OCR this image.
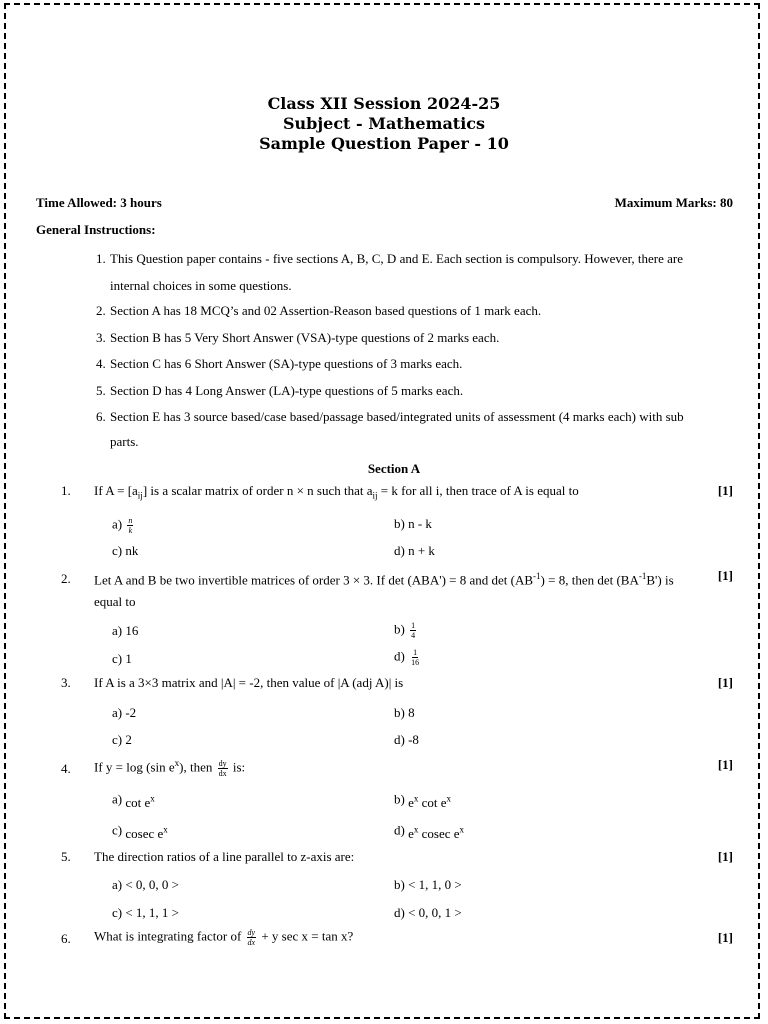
Class XII Session 2024-25
Subject - Mathematics
Sample Question Paper - 10
Time Allowed: 3 hours	Maximum Marks: 80
General Instructions:
1. This Question paper contains - five sections A, B, C, D and E. Each section is compulsory. However, there are
internal choices in some questions.
2. Section A has 18 MCQ’s and 02 Assertion-Reason based questions of 1 mark each.
3. Section B has 5 Very Short Answer (VSA)-type questions of 2 marks each.
4. Section C has 6 Short Answer (SA)-type questions of 3 marks each.
5. Section D has 4 Long Answer (LA)-type questions of 5 marks each.
6. Section E has 3 source based/case based/passage based/integrated units of assessment (4 marks each) with sub
parts.
Section A
1. If $A = [a_{ij}]$ is a scalar matrix of order n × n such that $a_{ij} = k$ for all i, then trace of A is equal to	[1]
$a) \frac{n}{k}$	b) n - k
c) nk	d) n + k
2. Let A and B be two invertible matrices of order 3 × 3. If det (ABA') = 8 and $\det (AB^{-1}) = 8$, then $\det (BA^{-1}B')$ is
equal to
[1]
a) 16	$b) \frac{1}{4}$
c) 1	$d) \frac{1}{16}$
3. If A is a 3×3 matrix and |A| = -2, then value of |A (adj A)| is	[1]
a) -2	b) 8
c) 2	d) -8
4. If y = log (sin $e^x$), then $\frac{dy}{dx}$ is:	[1]
a) $\cot e^x$	b) $e^x$ $\cot e^x$
c) cosec $e^x$	d) $e^x$ cosec $e^x$
5. The direction ratios of a line parallel to z-axis are:	[1]
a) < 0, 0, 0 >	b) < 1, 1, 0 >
c) < 1, 1, 1 >	d) < 0, 0, 1 >
6. What is integrating factor of $\frac{dy}{dx} + y$ sec x = tan x?	[1]
